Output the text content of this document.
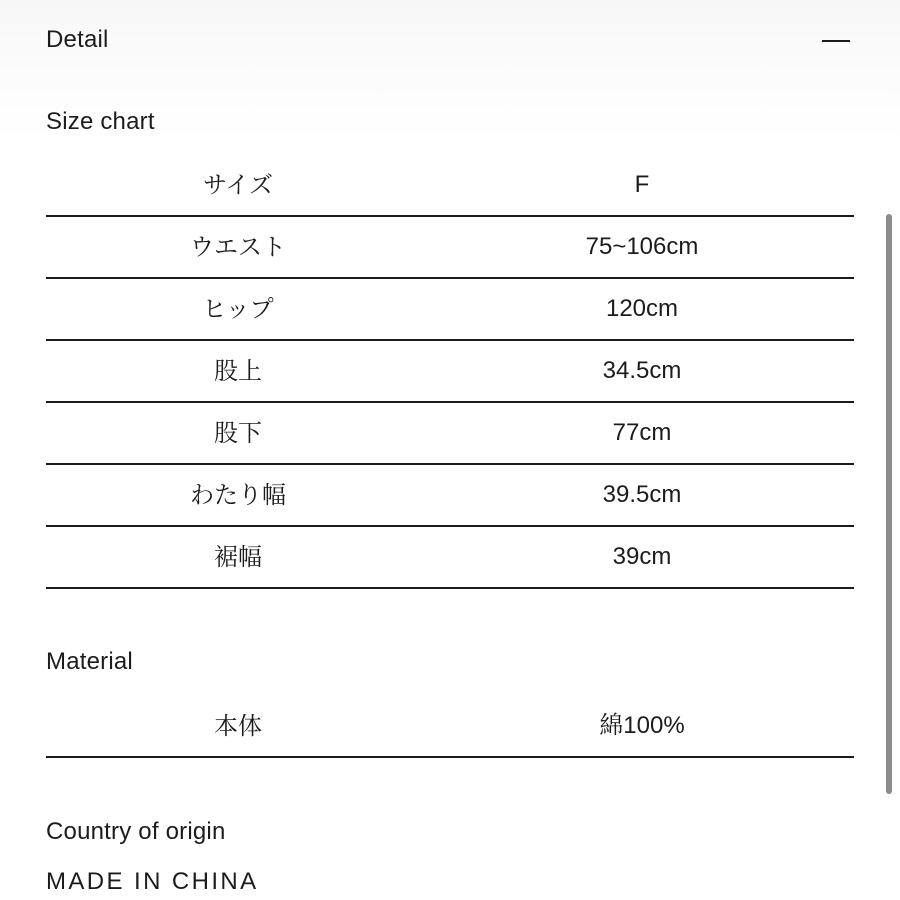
Detail
Size chart
サイズ	F
ウエスト	75~106cm
ヒップ	120cm
股上	34.5cm
股下	77cm
わたり幅	39.5cm
裾幅	39cm
Material
本体	綿100%
Country of origin
MADE IN CHINA
